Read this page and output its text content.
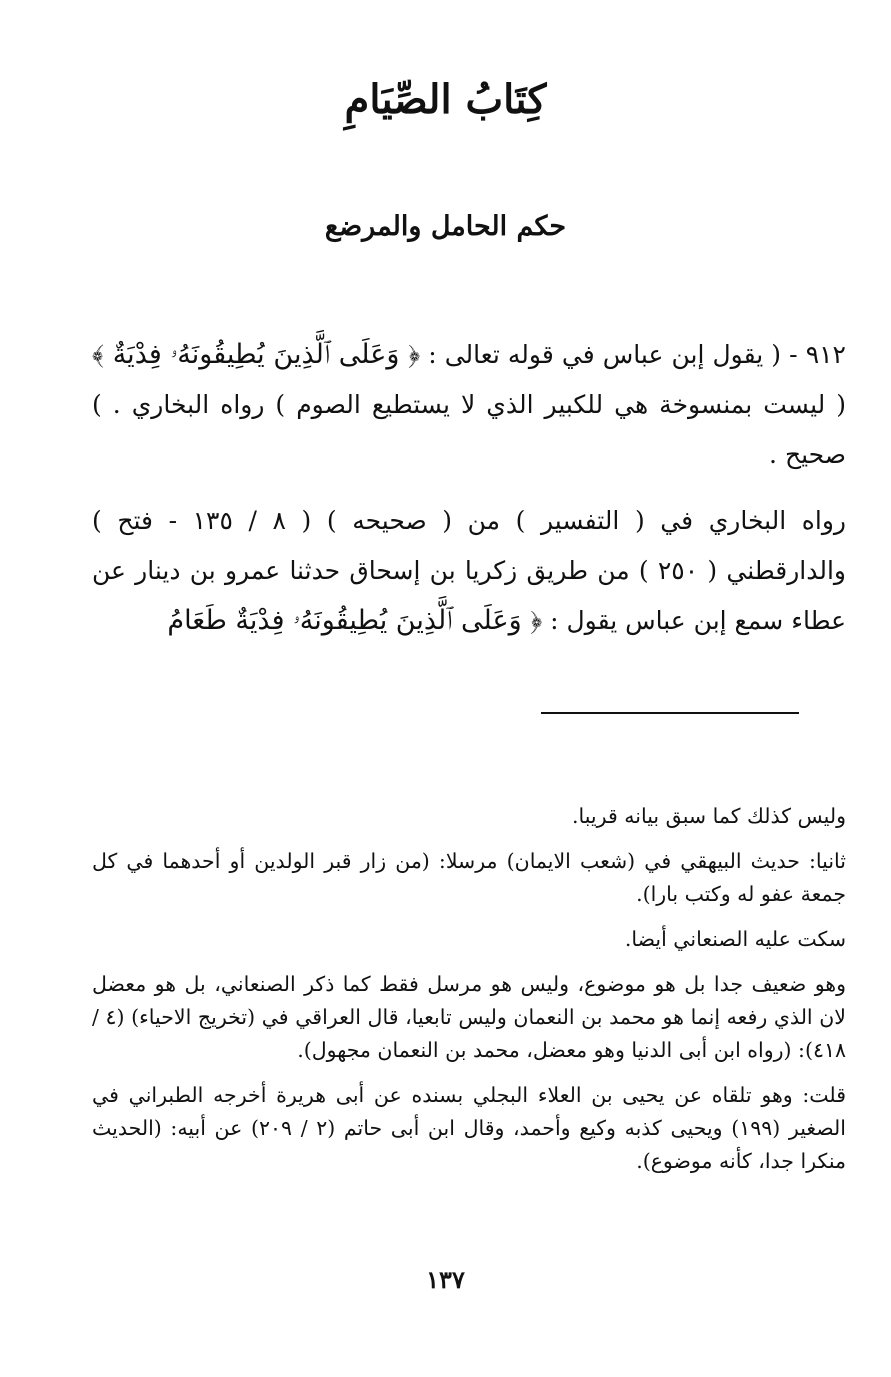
كِتَابُ الصِّيَامِ
حكم الحامل والمرضع

٩١٢ - ( يقول إبن عباس في قوله تعالى : ﴿ وَعَلَى ٱلَّذِينَ يُطِيقُونَهُۥ فِدْيَةٌ ﴾ ( ليست بمنسوخة هي للكبير الذي لا يستطيع الصوم ) رواه البخاري . ) صحيح .

رواه البخاري في ( التفسير ) من ( صحيحه ) ( ٨ / ١٣٥ - فتح ) والدارقطني ( ٢٥٠ ) من طريق زكريا بن إسحاق حدثنا عمرو بن دينار عن عطاء سمع إبن عباس يقول : ﴿ وَعَلَى ٱلَّذِينَ يُطِيقُونَهُۥ فِدْيَةٌ طَعَامُ

وليس كذلك كما سبق بيانه قريبا.

ثانيا: حديث البيهقي في (شعب الايمان) مرسلا: (من زار قبر الولدين أو أحدهما في كل جمعة عفو له وكتب بارا).

سكت عليه الصنعاني أيضا.

وهو ضعيف جدا بل هو موضوع، وليس هو مرسل فقط كما ذكر الصنعاني، بل هو معضل لان الذي رفعه إنما هو محمد بن النعمان وليس تابعيا، قال العراقي في (تخريج الاحياء) (٤ / ٤١٨): (رواه ابن أبى الدنيا وهو معضل، محمد بن النعمان مجهول).

قلت: وهو تلقاه عن يحيى بن العلاء البجلي بسنده عن أبى هريرة أخرجه الطبراني في الصغير (١٩٩) ويحيى كذبه وكيع وأحمد، وقال ابن أبى حاتم (٢ / ٢٠٩) عن أبيه: (الحديث منكرا جدا، كأنه موضوع).

١٣٧
